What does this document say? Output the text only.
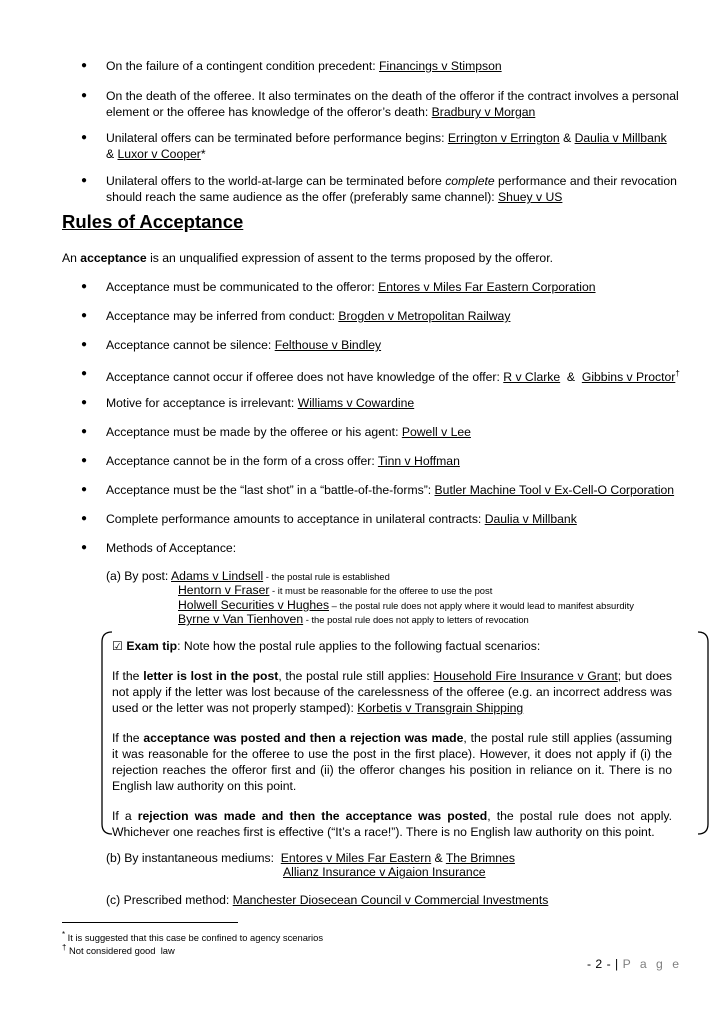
● On the failure of a contingent condition precedent: Financings v Stimpson
● On the death of the offeree. It also terminates on the death of the offeror if the contract involves a personal element or the offeree has knowledge of the offeror’s death: Bradbury v Morgan
● Unilateral offers can be terminated before performance begins: Errington v Errington & Daulia v Millbank
& Luxor v Cooper*
● Unilateral offers to the world-at-large can be terminated before complete performance and their revocation should reach the same audience as the offer (preferably same channel): Shuey v US
Rules of Acceptance
An acceptance is an unqualified expression of assent to the terms proposed by the offeror.
● Acceptance must be communicated to the offeror: Entores v Miles Far Eastern Corporation
● Acceptance may be inferred from conduct: Brogden v Metropolitan Railway
● Acceptance cannot be silence: Felthouse v Bindley
● Acceptance cannot occur if offeree does not have knowledge of the offer: R v Clarke  &  Gibbins v Proctor†
● Motive for acceptance is irrelevant: Williams v Cowardine
● Acceptance must be made by the offeree or his agent: Powell v Lee
● Acceptance cannot be in the form of a cross offer: Tinn v Hoffman
● Acceptance must be the “last shot” in a “battle-of-the-forms”: Butler Machine Tool v Ex-Cell-O Corporation
● Complete performance amounts to acceptance in unilateral contracts: Daulia v Millbank
● Methods of Acceptance:
(a) By post: Adams v Lindsell - the postal rule is established
Hentorn v Fraser - it must be reasonable for the offeree to use the post
Holwell Securities v Hughes – the postal rule does not apply where it would lead to manifest absurdity
Byrne v Van Tienhoven - the postal rule does not apply to letters of revocation

☑ Exam tip: Note how the postal rule applies to the following factual scenarios:

If the letter is lost in the post, the postal rule still applies: Household Fire Insurance v Grant; but does not apply if the letter was lost because of the carelessness of the offeree (e.g. an incorrect address was used or the letter was not properly stamped): Korbetis v Transgrain Shipping

If the acceptance was posted and then a rejection was made, the postal rule still applies (assuming it was reasonable for the offeree to use the post in the first place). However, it does not apply if (i) the rejection reaches the offeror first and (ii) the offeror changes his position in reliance on it. There is no English law authority on this point.

If a rejection was made and then the acceptance was posted, the postal rule does not apply. Whichever one reaches first is effective (“It’s a race!”). There is no English law authority on this point.

(b) By instantaneous mediums:  Entores v Miles Far Eastern & The Brimnes
Allianz Insurance v Aigaion Insurance
(c) Prescribed method: Manchester Diosecean Council v Commercial Investments
* It is suggested that this case be confined to agency scenarios
† Not considered good  law
- 2 - | P a g e
